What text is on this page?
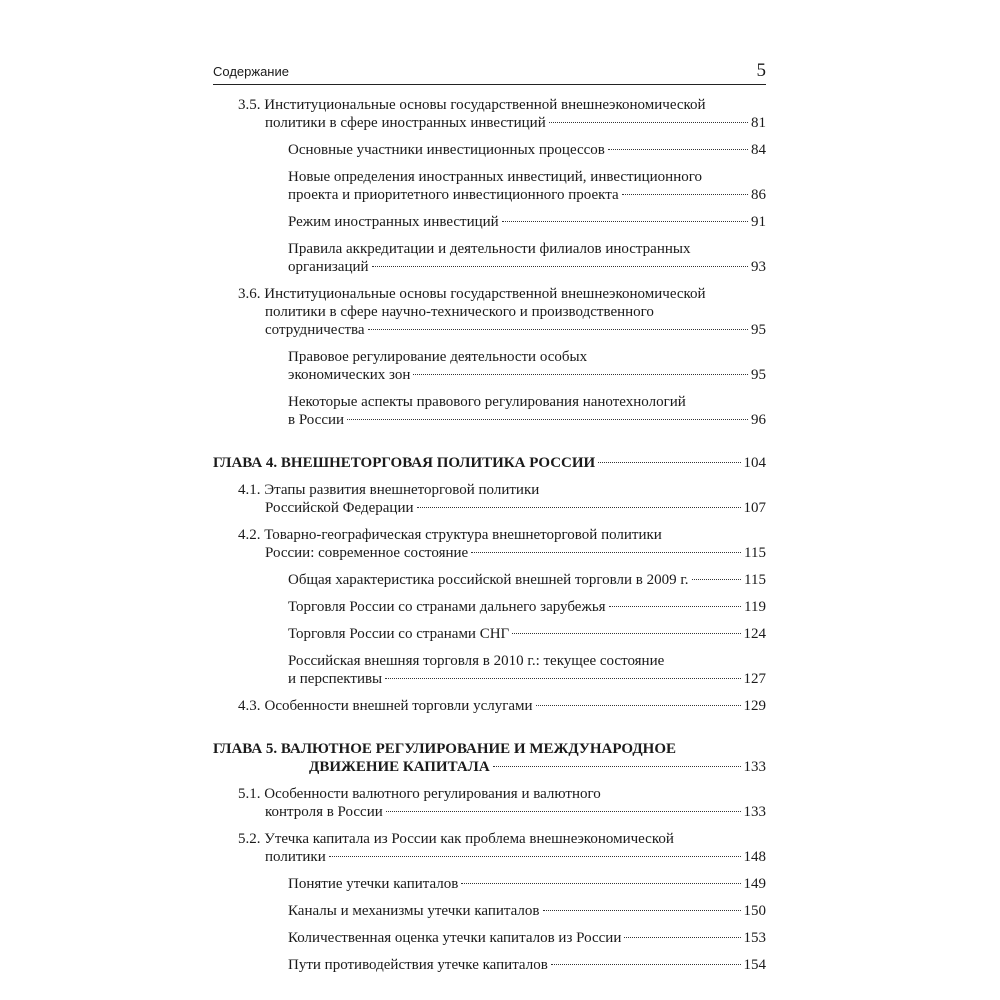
Содержание	5
3.5. Институциональные основы государственной внешнеэкономической
политики в сфере иностранных инвестиций	81
Основные участники инвестиционных процессов	84
Новые определения иностранных инвестиций, инвестиционного
проекта и приоритетного инвестиционного проекта	86
Режим иностранных инвестиций	91
Правила аккредитации и деятельности филиалов иностранных
организаций	93
3.6. Институциональные основы государственной внешнеэкономической
политики в сфере научно-технического и производственного
сотрудничества	95
Правовое регулирование деятельности особых
экономических зон	95
Некоторые аспекты правового регулирования нанотехнологий
в России	96
ГЛАВА 4. ВНЕШНЕТОРГОВАЯ ПОЛИТИКА РОССИИ	104
4.1. Этапы развития внешнеторговой политики
Российской Федерации	107
4.2. Товарно-географическая структура внешнеторговой политики
России: современное состояние	115
Общая характеристика российской внешней торговли в 2009 г.	115
Торговля России со странами дальнего зарубежья	119
Торговля России со странами СНГ	124
Российская внешняя торговля в 2010 г.: текущее состояние
и перспективы	127
4.3. Особенности внешней торговли услугами	129
ГЛАВА 5. ВАЛЮТНОЕ РЕГУЛИРОВАНИЕ И МЕЖДУНАРОДНОЕ
ДВИЖЕНИЕ КАПИТАЛА	133
5.1. Особенности валютного регулирования и валютного
контроля в России	133
5.2. Утечка капитала из России как проблема внешнеэкономической
политики	148
Понятие утечки капиталов	149
Каналы и механизмы утечки капиталов	150
Количественная оценка утечки капиталов из России	153
Пути противодействия утечке капиталов	154
